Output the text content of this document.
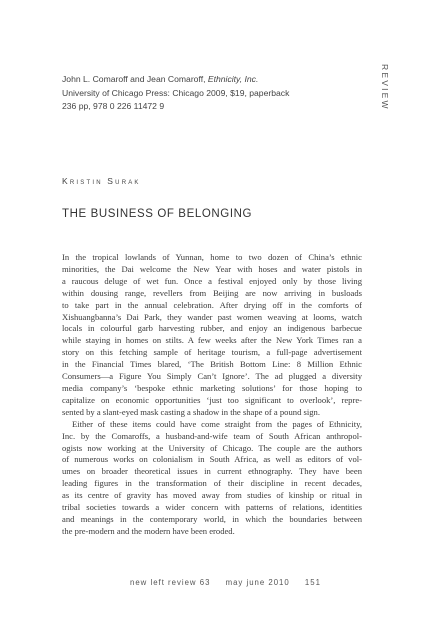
REVIEW
John L. Comaroff and Jean Comaroff, Ethnicity, Inc.
University of Chicago Press: Chicago 2009, $19, paperback
236 pp, 978 0 226 11472 9
Kristin Surak
THE BUSINESS OF BELONGING
In the tropical lowlands of Yunnan, home to two dozen of China’s ethnic
minorities, the Dai welcome the New Year with hoses and water pistols in
a raucous deluge of wet fun. Once a festival enjoyed only by those living
within dousing range, revellers from Beijing are now arriving in busloads
to take part in the annual celebration. After drying off in the comforts of
Xishuangbanna’s Dai Park, they wander past women weaving at looms, watch
locals in colourful garb harvesting rubber, and enjoy an indigenous barbecue
while staying in homes on stilts. A few weeks after the New York Times ran a
story on this fetching sample of heritage tourism, a full-page advertisement
in the Financial Times blared, ‘The British Bottom Line: 8 Million Ethnic
Consumers—a Figure You Simply Can’t Ignore’. The ad plugged a diversity
media company’s ‘bespoke ethnic marketing solutions’ for those hoping to
capitalize on economic opportunities ‘just too significant to overlook’, repre-
sented by a slant-eyed mask casting a shadow in the shape of a pound sign.
Either of these items could have come straight from the pages of Ethnicity,
Inc. by the Comaroffs, a husband-and-wife team of South African anthropol-
ogists now working at the University of Chicago. The couple are the authors
of numerous works on colonialism in South Africa, as well as editors of vol-
umes on broader theoretical issues in current ethnography. They have been
leading figures in the transformation of their discipline in recent decades,
as its centre of gravity has moved away from studies of kinship or ritual in
tribal societies towards a wider concern with patterns of relations, identities
and meanings in the contemporary world, in which the boundaries between
the pre-modern and the modern have been eroded.
new left review 63 may june 2010 151
